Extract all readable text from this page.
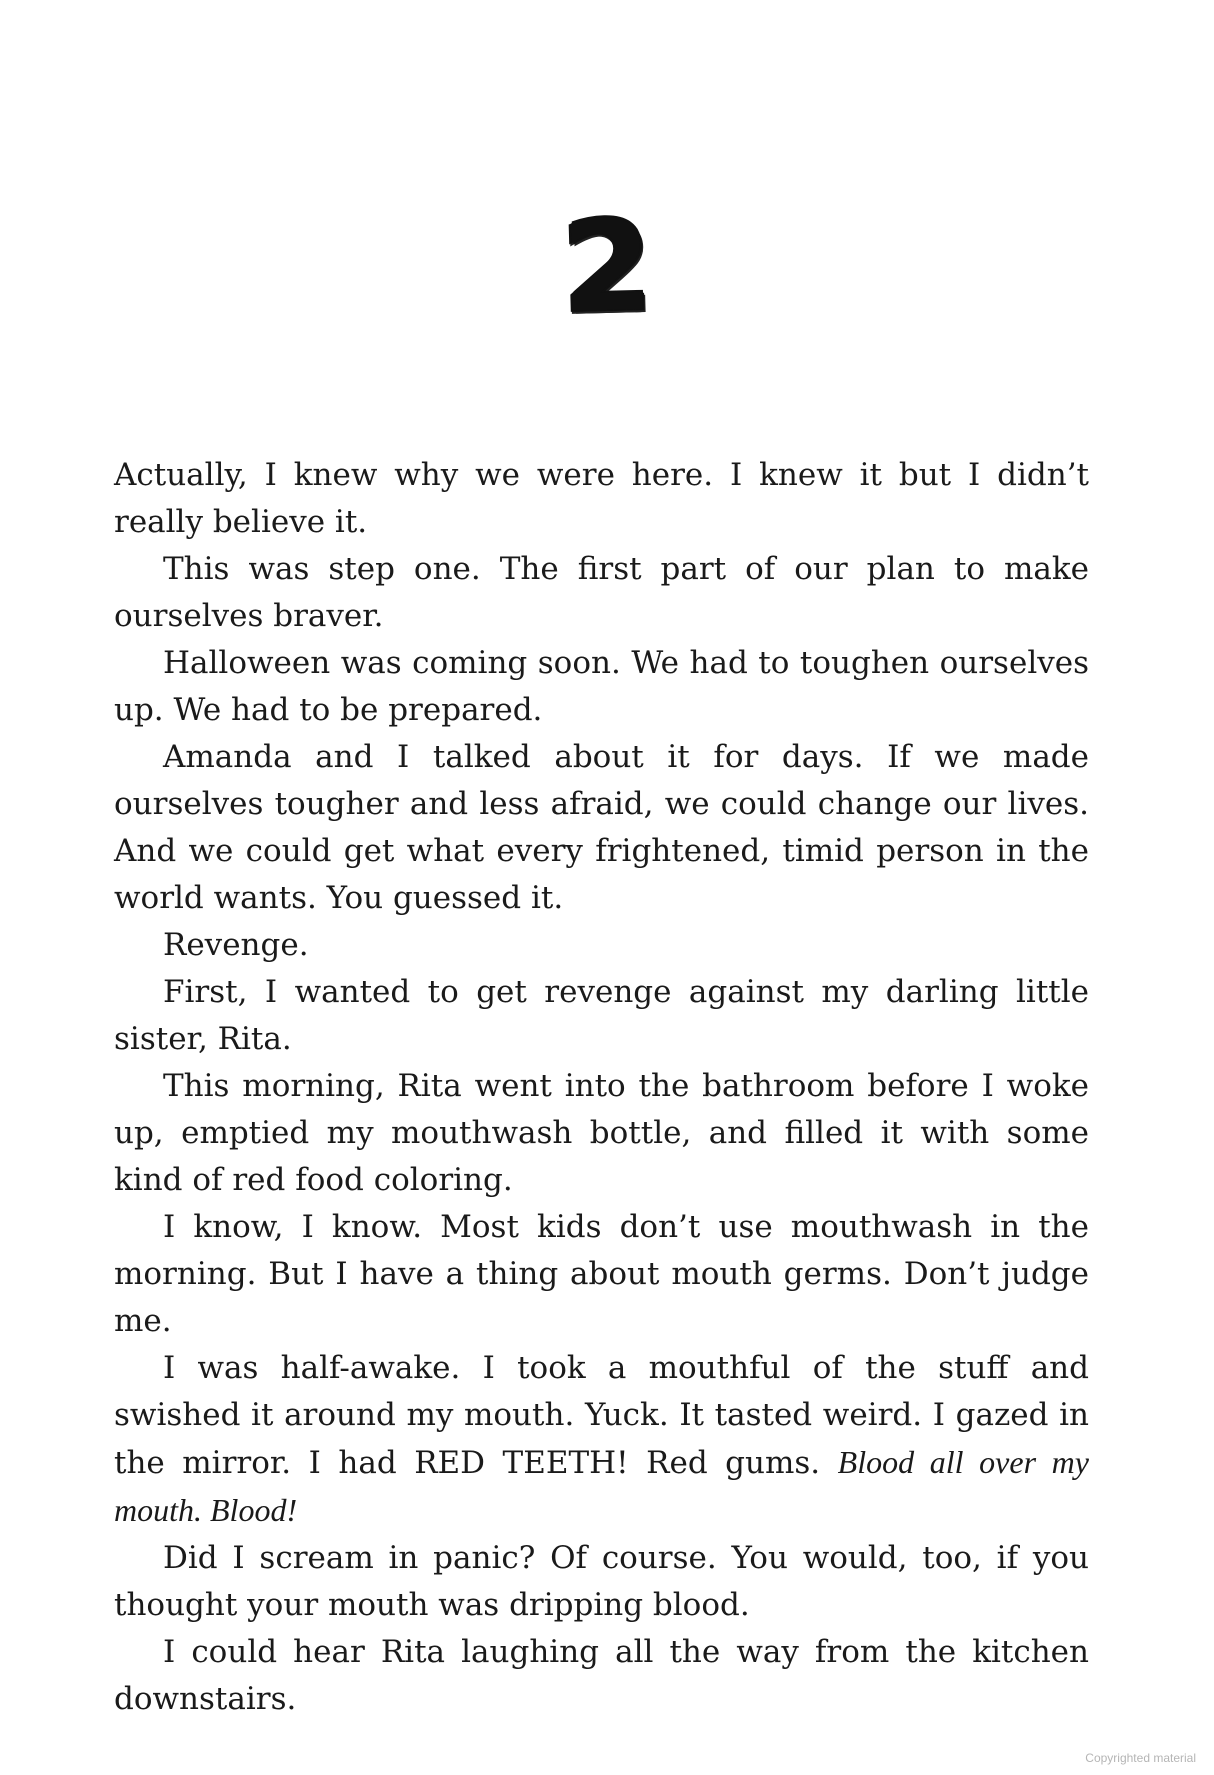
2

Actually, I knew why we were here. I knew it but I didn’t really believe it.

This was step one. The first part of our plan to make ourselves braver.

Halloween was coming soon. We had to toughen ourselves up. We had to be prepared.

Amanda and I talked about it for days. If we made ourselves tougher and less afraid, we could change our lives. And we could get what every frightened, timid person in the world wants. You guessed it.

Revenge.

First, I wanted to get revenge against my darling little sister, Rita.

This morning, Rita went into the bathroom before I woke up, emptied my mouthwash bottle, and filled it with some kind of red food coloring.

I know, I know. Most kids don’t use mouthwash in the morning. But I have a thing about mouth germs. Don’t judge me.

I was half-awake. I took a mouthful of the stuff and swished it around my mouth. Yuck. It tasted weird. I gazed in the mirror. I had RED TEETH! Red gums. Blood all over my mouth. Blood!

Did I scream in panic? Of course. You would, too, if you thought your mouth was dripping blood.

I could hear Rita laughing all the way from the kitchen downstairs.

Copyrighted material
